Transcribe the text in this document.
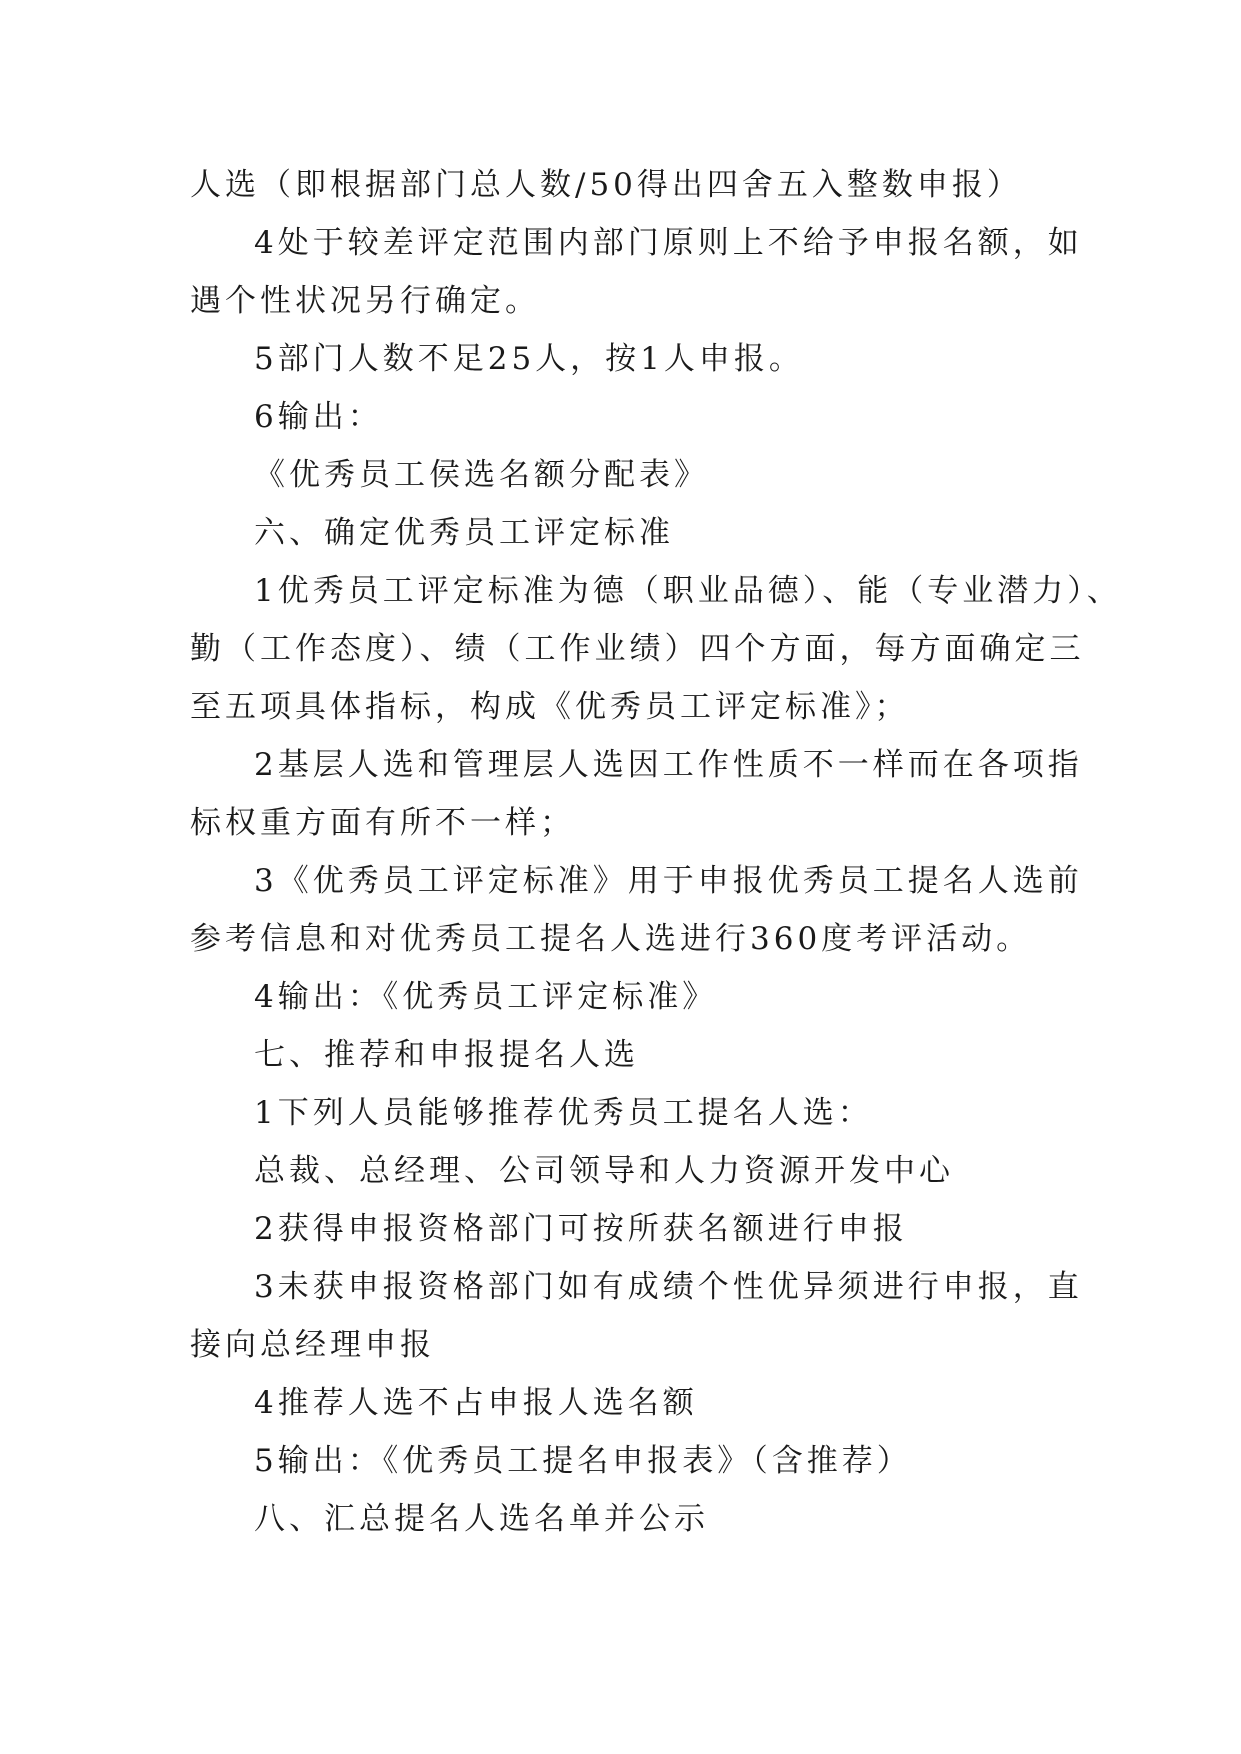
人选（即根据部门总人数/50得出四舍五入整数申报）
4处于较差评定范围内部门原则上不给予申报名额，如
遇个性状况另行确定。
5部门人数不足25人，按1人申报。
6输出：
《优秀员工侯选名额分配表》
六、确定优秀员工评定标准
1优秀员工评定标准为德（职业品德）、能（专业潜力）、
勤（工作态度）、绩（工作业绩）四个方面，每方面确定三
至五项具体指标，构成《优秀员工评定标准》；
2基层人选和管理层人选因工作性质不一样而在各项指
标权重方面有所不一样；
3《优秀员工评定标准》用于申报优秀员工提名人选前
参考信息和对优秀员工提名人选进行360度考评活动。
4输出：《优秀员工评定标准》
七、推荐和申报提名人选
1下列人员能够推荐优秀员工提名人选：
总裁、总经理、公司领导和人力资源开发中心
2获得申报资格部门可按所获名额进行申报
3未获申报资格部门如有成绩个性优异须进行申报，直
接向总经理申报
4推荐人选不占申报人选名额
5输出：《优秀员工提名申报表》（含推荐）
八、汇总提名人选名单并公示
